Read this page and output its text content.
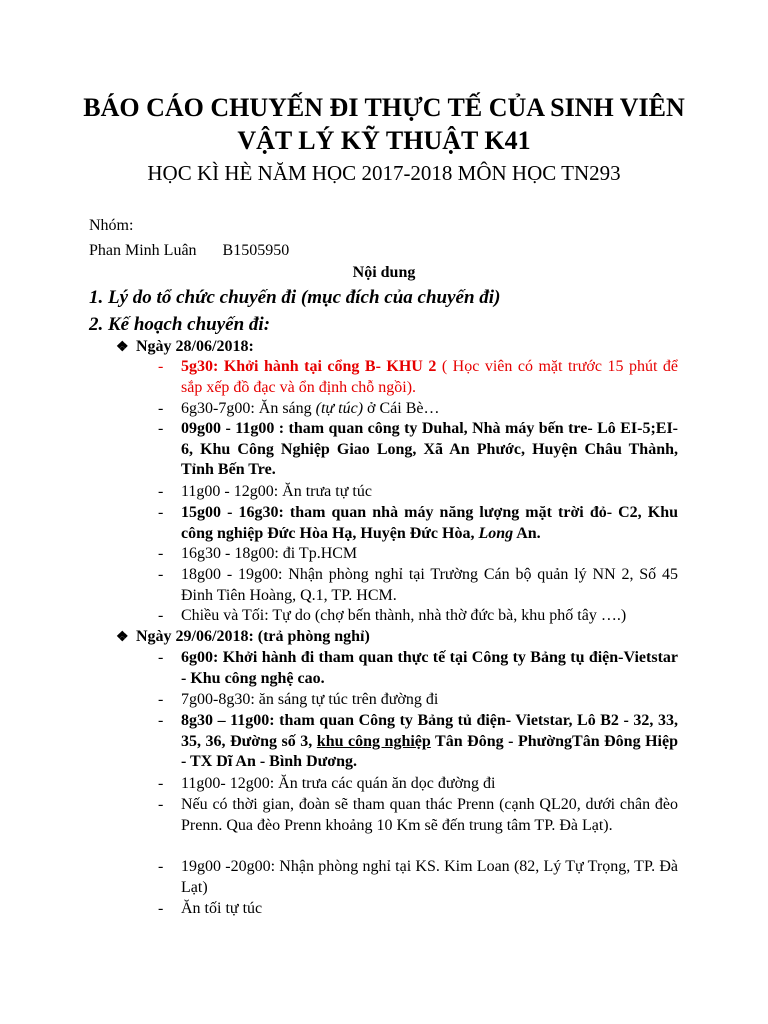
BÁO CÁO CHUYẾN ĐI THỰC TẾ CỦA SINH VIÊN
VẬT LÝ KỸ THUẬT K41
HỌC KÌ HÈ NĂM HỌC 2017-2018 MÔN HỌC TN293
Nhóm:
Phan Minh Luân B1505950
Nội dung
1. Lý do tổ chức chuyến đi (mục đích của chuyến đi)
2. Kế hoạch chuyến đi:
❖ Ngày 28/06/2018:
- 5g30: Khởi hành tại cổng B- KHU 2 ( Học viên có mặt trước 15 phút để sắp xếp đồ đạc và ổn định chỗ ngồi).
- 6g30-7g00: Ăn sáng (tự túc) ở Cái Bè…
- 09g00 - 11g00 : tham quan công ty Duhal, Nhà máy bến tre- Lô EI-5;EI-6, Khu Công Nghiệp Giao Long, Xã An Phước, Huyện Châu Thành, Tỉnh Bến Tre.
- 11g00 - 12g00: Ăn trưa tự túc
- 15g00 - 16g30: tham quan nhà máy năng lượng mặt trời đỏ- C2, Khu công nghiệp Đức Hòa Hạ, Huyện Đức Hòa, Long An.
- 16g30 - 18g00: đi Tp.HCM
- 18g00 - 19g00: Nhận phòng nghỉ tại Trường Cán bộ quản lý NN 2, Số 45 Đinh Tiên Hoàng, Q.1, TP. HCM.
- Chiều và Tối: Tự do (chợ bến thành, nhà thờ đức bà, khu phố tây ….)
❖ Ngày 29/06/2018: (trả phòng nghỉ)
- 6g00: Khởi hành đi tham quan thực tế tại Công ty Bảng tụ điện-Vietstar - Khu công nghệ cao.
- 7g00-8g30: ăn sáng tự túc trên đường đi
- 8g30 – 11g00: tham quan Công ty Bảng tủ điện- Vietstar, Lô B2 - 32, 33, 35, 36, Đường số 3, khu công nghiệp Tân Đông - PhườngTân Đông Hiệp - TX Dĩ An - Bình Dương.
- 11g00- 12g00: Ăn trưa các quán ăn dọc đường đi
- Nếu có thời gian, đoàn sẽ tham quan thác Prenn (cạnh QL20, dưới chân đèo Prenn. Qua đèo Prenn khoảng 10 Km sẽ đến trung tâm TP. Đà Lạt).
- 19g00 -20g00: Nhận phòng nghỉ tại KS. Kim Loan (82, Lý Tự Trọng, TP. Đà Lạt)
- Ăn tối tự túc
